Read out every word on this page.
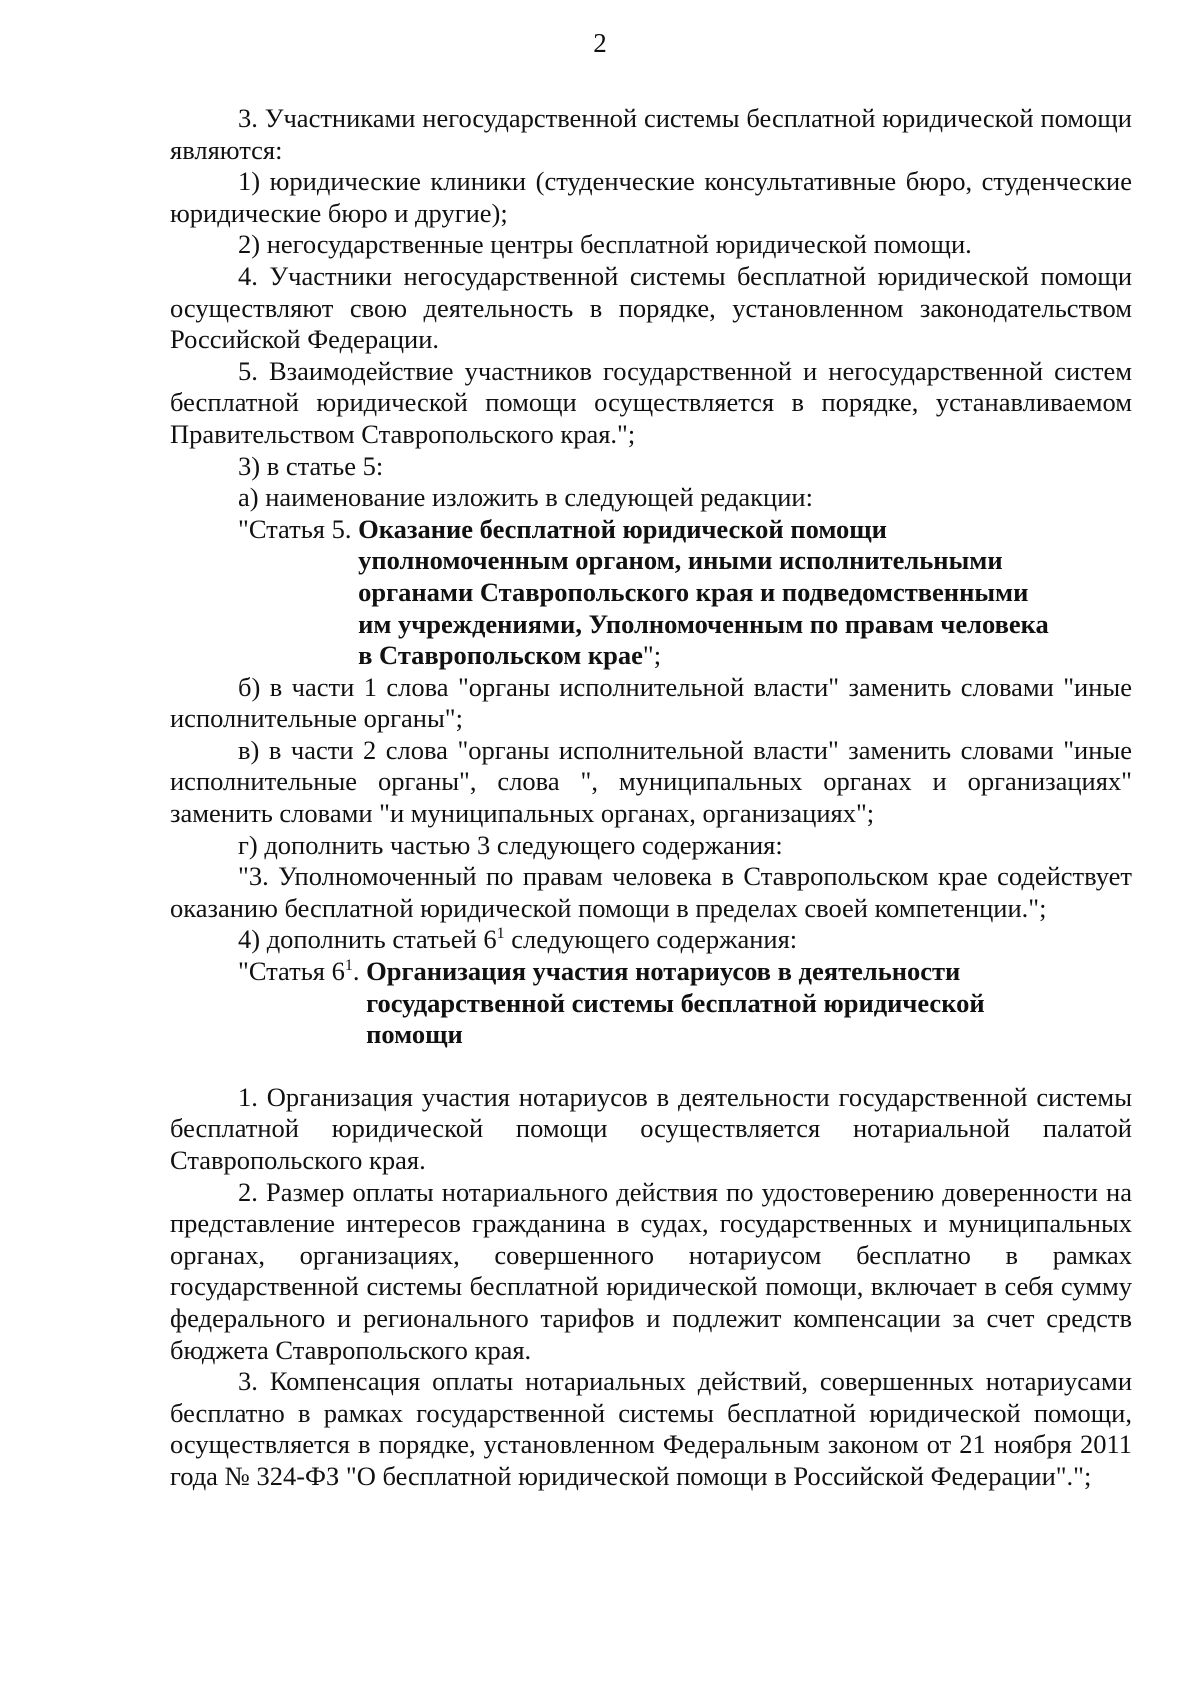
2

3. Участниками негосударственной системы бесплатной юридической помощи являются:

1) юридические клиники (студенческие консультативные бюро, студенческие юридические бюро и другие);

2) негосударственные центры бесплатной юридической помощи.

4. Участники негосударственной системы бесплатной юридической помощи осуществляют свою деятельность в порядке, установленном законодательством Российской Федерации.

5. Взаимодействие участников государственной и негосударственной систем бесплатной юридической помощи осуществляется в порядке, устанавливаемом Правительством Ставропольского края.";

3) в статье 5:

а) наименование изложить в следующей редакции:

"Статья 5. Оказание бесплатной юридической помощи
уполномоченным органом, иными исполнительными
органами Ставропольского края и подведомственными
им учреждениями, Уполномоченным по правам человека
в Ставропольском крае";

б) в части 1 слова "органы исполнительной власти" заменить словами "иные исполнительные органы";

в) в части 2 слова "органы исполнительной власти" заменить словами "иные исполнительные органы", слова ", муниципальных органах и организациях" заменить словами "и муниципальных органах, организациях";

г) дополнить частью 3 следующего содержания:

"3. Уполномоченный по правам человека в Ставропольском крае содействует оказанию бесплатной юридической помощи в пределах своей компетенции.";

4) дополнить статьей $6^1$ следующего содержания:

"Статья $6^1$. Организация участия нотариусов в деятельности
государственной системы бесплатной юридической
помощи

1. Организация участия нотариусов в деятельности государственной системы бесплатной юридической помощи осуществляется нотариальной палатой Ставропольского края.

2. Размер оплаты нотариального действия по удостоверению доверенности на представление интересов гражданина в судах, государственных и муниципальных органах, организациях, совершенного нотариусом бесплатно в рамках государственной системы бесплатной юридической помощи, включает в себя сумму федерального и регионального тарифов и подлежит компенсации за счет средств бюджета Ставропольского края.

3. Компенсация оплаты нотариальных действий, совершенных нотариусами бесплатно в рамках государственной системы бесплатной юридической помощи, осуществляется в порядке, установленном Федеральным законом от 21 ноября 2011 года № 324-ФЗ "О бесплатной юридической помощи в Российской Федерации".";
